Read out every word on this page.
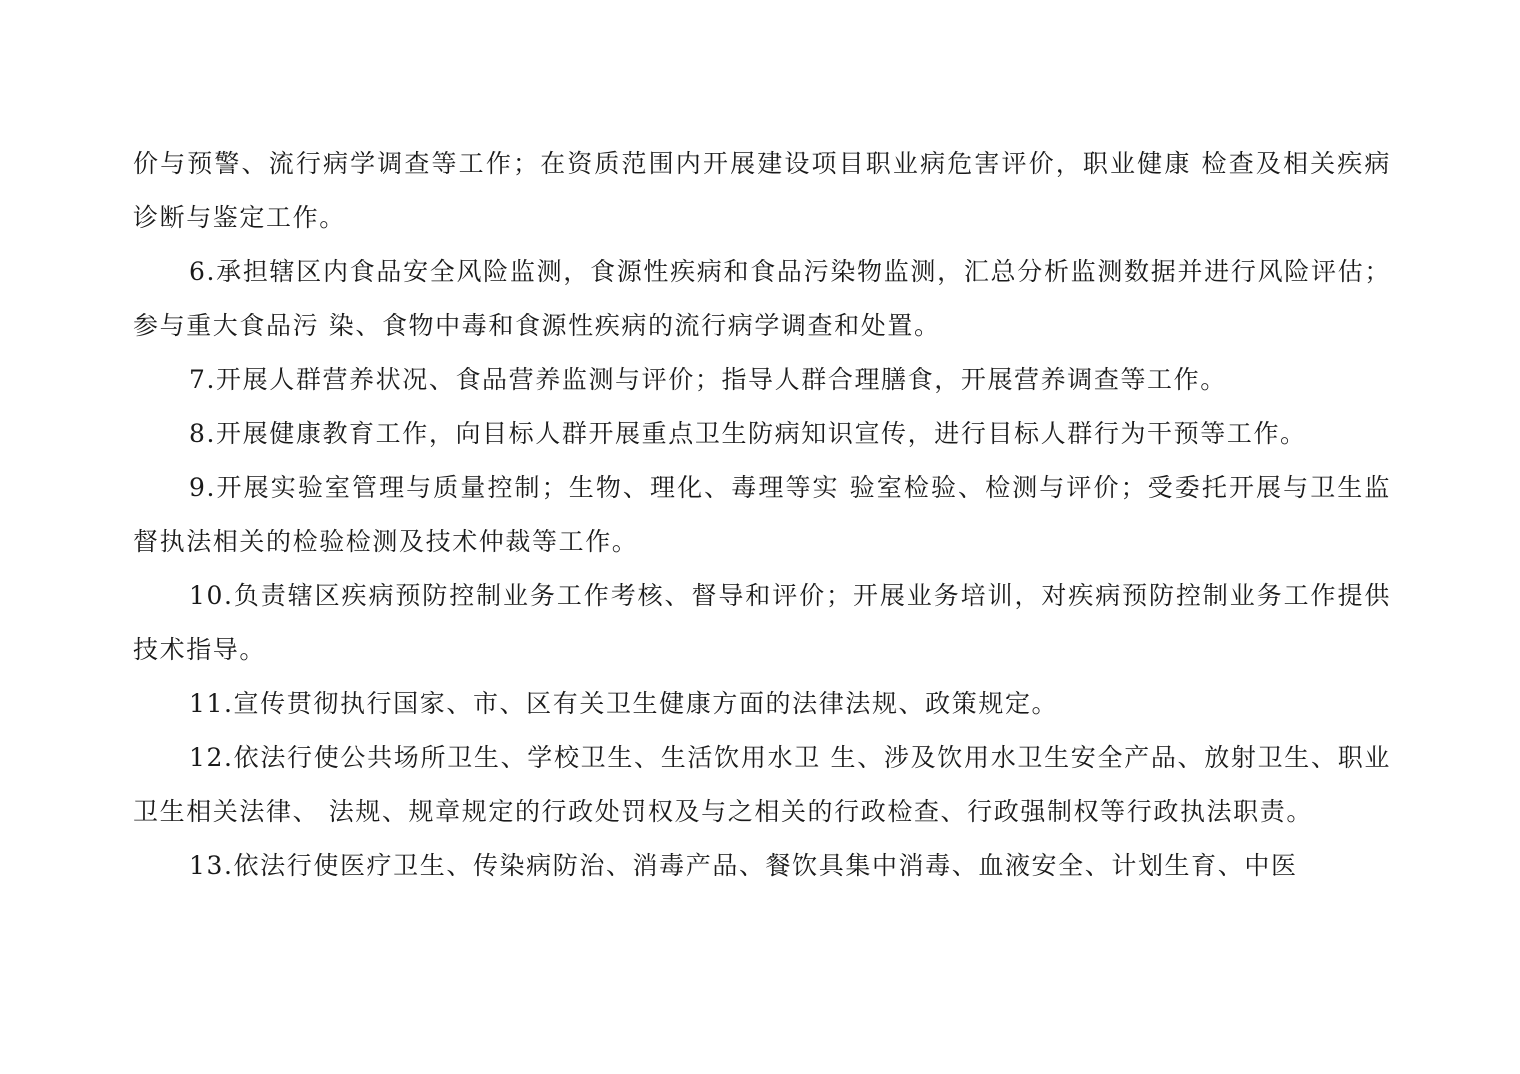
价与预警、流行病学调查等工作；在资质范围内开展建设项目职业病危害评价，职业健康 检查及相关疾病诊断与鉴定工作。

6.承担辖区内食品安全风险监测，食源性疾病和食品污染物监测，汇总分析监测数据并进行风险评估；参与重大食品污 染、食物中毒和食源性疾病的流行病学调查和处置。

7.开展人群营养状况、食品营养监测与评价；指导人群合理膳食，开展营养调查等工作。

8.开展健康教育工作，向目标人群开展重点卫生防病知识宣传，进行目标人群行为干预等工作。

9.开展实验室管理与质量控制；生物、理化、毒理等实 验室检验、检测与评价；受委托开展与卫生监督执法相关的检验检测及技术仲裁等工作。

10.负责辖区疾病预防控制业务工作考核、督导和评价；开展业务培训，对疾病预防控制业务工作提供技术指导。

11.宣传贯彻执行国家、市、区有关卫生健康方面的法律法规、政策规定。

12.依法行使公共场所卫生、学校卫生、生活饮用水卫 生、涉及饮用水卫生安全产品、放射卫生、职业卫生相关法律、 法规、规章规定的行政处罚权及与之相关的行政检查、行政强制权等行政执法职责。

13.依法行使医疗卫生、传染病防治、消毒产品、餐饮具集中消毒、血液安全、计划生育、中医
